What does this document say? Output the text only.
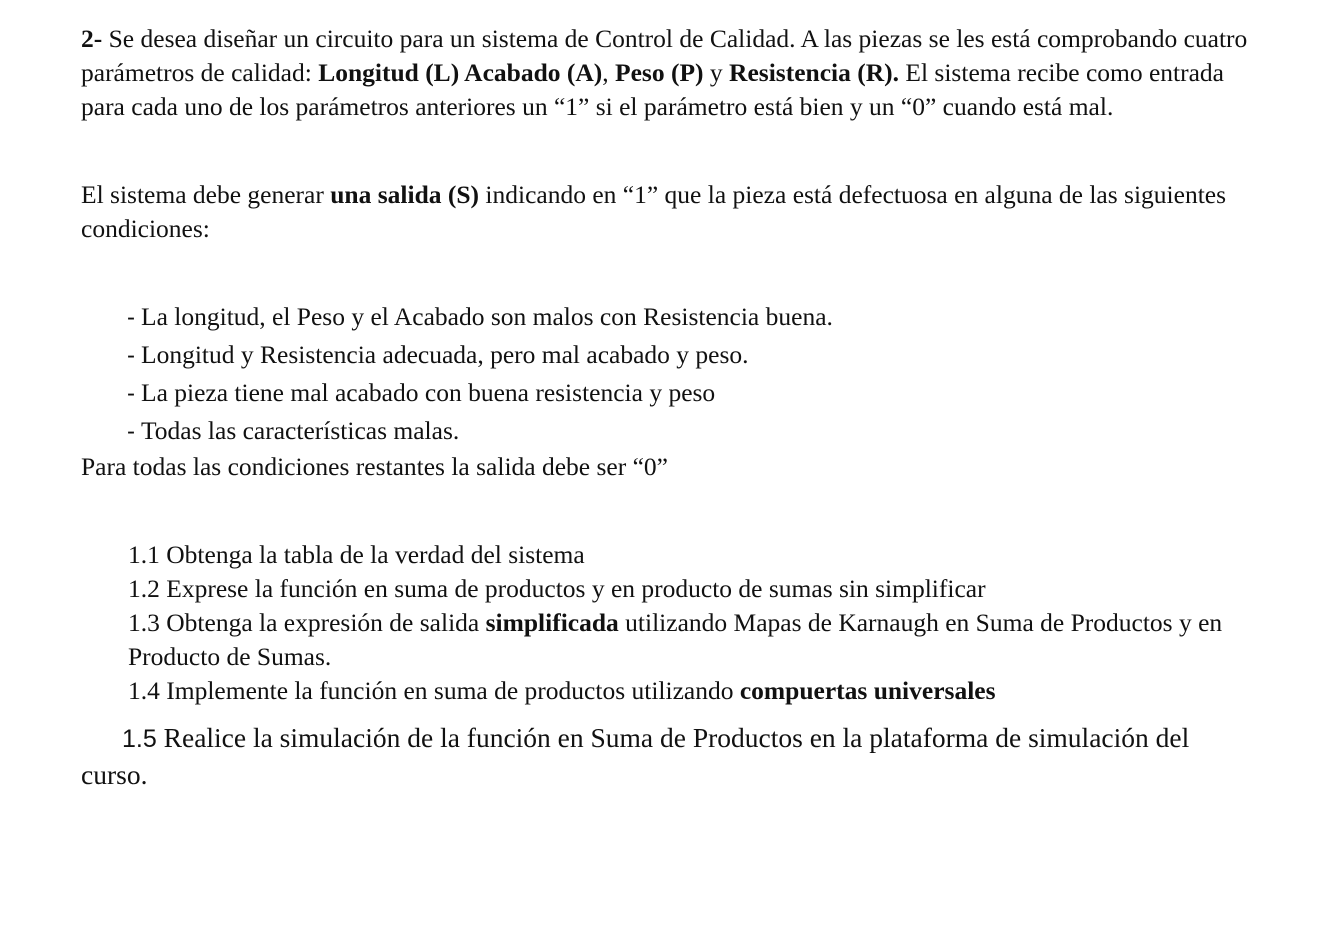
2- Se desea diseñar un circuito para un sistema de Control de Calidad. A las piezas se les está comprobando cuatro parámetros de calidad: Longitud (L) Acabado (A), Peso (P) y Resistencia (R). El sistema recibe como entrada para cada uno de los parámetros anteriores un “1” si el parámetro está bien y un “0” cuando está mal.

El sistema debe generar una salida (S) indicando en “1” que la pieza está defectuosa en alguna de las siguientes condiciones:

- La longitud, el Peso y el Acabado son malos con Resistencia buena.
- Longitud y Resistencia adecuada, pero mal acabado y peso.
- La pieza tiene mal acabado con buena resistencia y peso
- Todas las características malas.

Para todas las condiciones restantes la salida debe ser “0”

1.1 Obtenga la tabla de la verdad del sistema
1.2 Exprese la función en suma de productos y en producto de sumas sin simplificar
1.3 Obtenga la expresión de salida simplificada utilizando Mapas de Karnaugh en Suma de Productos y en Producto de Sumas.
1.4 Implemente la función en suma de productos utilizando compuertas universales

1.5 Realice la simulación de la función en Suma de Productos en la plataforma de simulación del curso.
